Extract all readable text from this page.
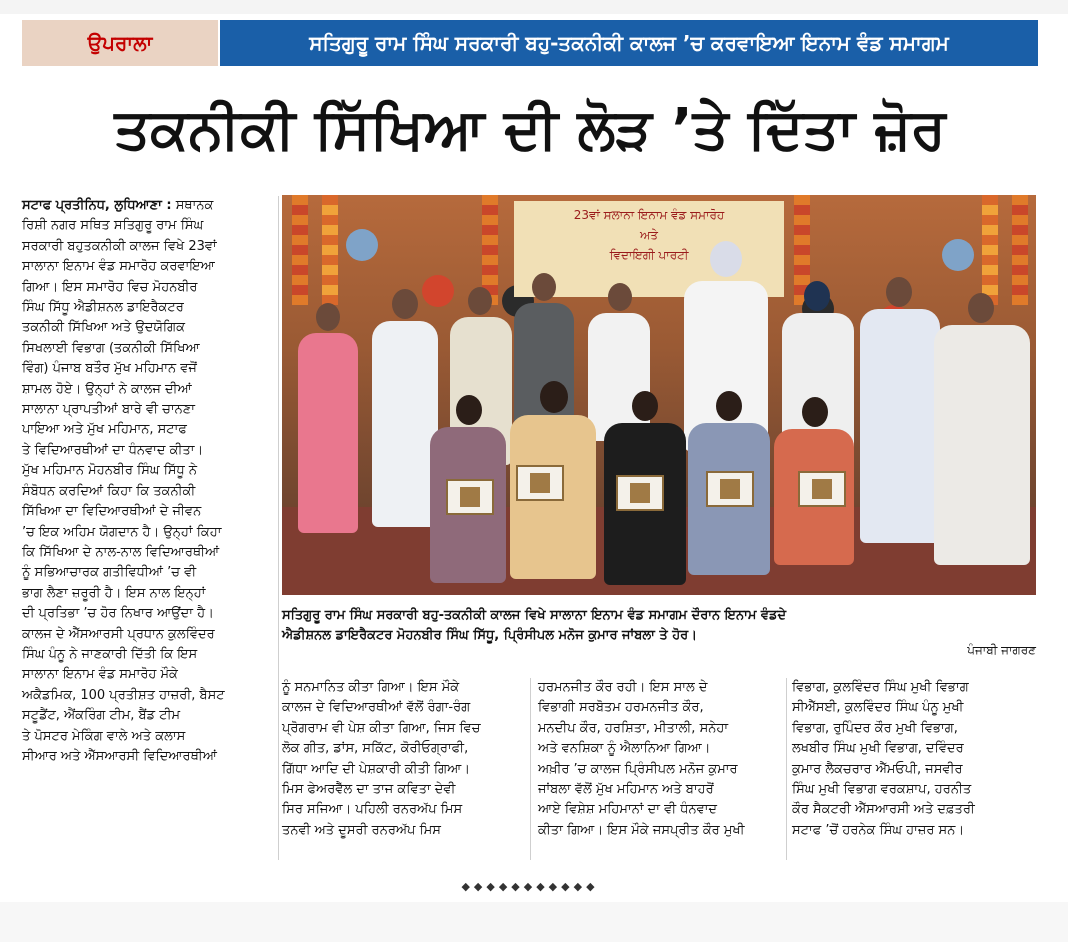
ਉਪਰਾਲਾ	ਸਤਿਗੁਰੂ ਰਾਮ ਸਿੰਘ ਸਰਕਾਰੀ ਬਹੁ-ਤਕਨੀਕੀ ਕਾਲਜ ’ਚ ਕਰਵਾਇਆ ਇਨਾਮ ਵੰਡ ਸਮਾਗਮ
ਤਕਨੀਕੀ ਸਿੱਖਿਆ ਦੀ ਲੋੜ ’ਤੇ ਦਿੱਤਾ ਜ਼ੋਰ
ਸਟਾਫ ਪ੍ਰਤੀਨਿਧ, ਲੁਧਿਆਣਾ : ਸਥਾਨਕ
ਰਿਸ਼ੀ ਨਗਰ ਸਥਿਤ ਸਤਿਗੁਰੂ ਰਾਮ ਸਿੰਘ
ਸਰਕਾਰੀ ਬਹੁਤਕਨੀਕੀ ਕਾਲਜ ਵਿਖੇ 23ਵਾਂ
ਸਾਲਾਨਾ ਇਨਾਮ ਵੰਡ ਸਮਾਰੋਹ ਕਰਵਾਇਆ
ਗਿਆ। ਇਸ ਸਮਾਰੋਹ ਵਿਚ ਮੋਹਨਬੀਰ
ਸਿੰਘ ਸਿੱਧੂ ਐਡੀਸ਼ਨਲ ਡਾਇਰੈਕਟਰ
ਤਕਨੀਕੀ ਸਿੱਖਿਆ ਅਤੇ ਉਦਯੋਗਿਕ
ਸਿਖਲਾਈ ਵਿਭਾਗ (ਤਕਨੀਕੀ ਸਿੱਖਿਆ
ਵਿੰਗ) ਪੰਜਾਬ ਬਤੌਰ ਮੁੱਖ ਮਹਿਮਾਨ ਵਜੋਂ
ਸ਼ਾਮਲ ਹੋਏ। ਉਨ੍ਹਾਂ ਨੇ ਕਾਲਜ ਦੀਆਂ
ਸਾਲਾਨਾ ਪ੍ਰਾਪਤੀਆਂ ਬਾਰੇ ਵੀ ਚਾਨਣਾ
ਪਾਇਆ ਅਤੇ ਮੁੱਖ ਮਹਿਮਾਨ, ਸਟਾਫ
ਤੇ ਵਿਦਿਆਰਥੀਆਂ ਦਾ ਧੰਨਵਾਦ ਕੀਤਾ।
ਮੁੱਖ ਮਹਿਮਾਨ ਮੋਹਨਬੀਰ ਸਿੰਘ ਸਿੱਧੂ ਨੇ
ਸੰਬੋਧਨ ਕਰਦਿਆਂ ਕਿਹਾ ਕਿ ਤਕਨੀਕੀ
ਸਿੱਖਿਆ ਦਾ ਵਿਦਿਆਰਥੀਆਂ ਦੇ ਜੀਵਨ
’ਚ ਇਕ ਅਹਿਮ ਯੋਗਦਾਨ ਹੈ। ਉਨ੍ਹਾਂ ਕਿਹਾ
ਕਿ ਸਿੱਖਿਆ ਦੇ ਨਾਲ-ਨਾਲ ਵਿਦਿਆਰਥੀਆਂ
ਨੂੰ ਸਭਿਆਚਾਰਕ ਗਤੀਵਿਧੀਆਂ ’ਚ ਵੀ
ਭਾਗ ਲੈਣਾ ਜ਼ਰੂਰੀ ਹੈ। ਇਸ ਨਾਲ ਇਨ੍ਹਾਂ
ਦੀ ਪ੍ਰਤਿਭਾ ’ਚ ਹੋਰ ਨਿਖਾਰ ਆਉਂਦਾ ਹੈ।
ਕਾਲਜ ਦੇ ਐੱਸਆਰਸੀ ਪ੍ਰਧਾਨ ਕੁਲਵਿੰਦਰ
ਸਿੰਘ ਪੰਨੂ ਨੇ ਜਾਣਕਾਰੀ ਦਿੱਤੀ ਕਿ ਇਸ
ਸਾਲਾਨਾ ਇਨਾਮ ਵੰਡ ਸਮਾਰੋਹ ਮੌਕੇ
ਅਕੈਡਮਿਕ, 100 ਪ੍ਰਤੀਸ਼ਤ ਹਾਜ਼ਰੀ, ਬੈਸਟ
ਸਟੂਡੈਂਟ, ਐਂਕਰਿੰਗ ਟੀਮ, ਬੈਂਡ ਟੀਮ
ਤੇ ਪੋਸਟਰ ਮੇਕਿੰਗ ਵਾਲੇ ਅਤੇ ਕਲਾਸ
ਸੀਆਰ ਅਤੇ ਐੱਸਆਰਸੀ ਵਿਦਿਆਰਥੀਆਂ
23ਵਾਂ ਸਲਾਨਾ ਇਨਾਮ ਵੰਡ ਸਮਾਰੋਹ
ਅਤੇ
ਵਿਦਾਇਗੀ ਪਾਰਟੀ
ਸਤਿਗੁਰੂ ਰਾਮ ਸਿੰਘ ਸਰਕਾਰੀ ਬਹੁ-ਤਕਨੀਕੀ ਕਾਲਜ ਵਿਖੇ ਸਾਲਾਨਾ ਇਨਾਮ ਵੰਡ ਸਮਾਗਮ ਦੌਰਾਨ ਇਨਾਮ ਵੰਡਦੇ
ਐਡੀਸ਼ਨਲ ਡਾਇਰੈਕਟਰ ਮੋਹਨਬੀਰ ਸਿੰਘ ਸਿੱਧੂ, ਪ੍ਰਿੰਸੀਪਲ ਮਨੋਜ ਕੁਮਾਰ ਜਾਂਬਲਾ ਤੇ ਹੋਰ।
ਪੰਜਾਬੀ ਜਾਗਰਣ
ਨੂੰ ਸਨਮਾਨਿਤ ਕੀਤਾ ਗਿਆ। ਇਸ ਮੌਕੇ
ਕਾਲਜ ਦੇ ਵਿਦਿਆਰਥੀਆਂ ਵੱਲੋਂ ਰੰਗਾ-ਰੰਗ
ਪ੍ਰੋਗਰਾਮ ਵੀ ਪੇਸ਼ ਕੀਤਾ ਗਿਆ, ਜਿਸ ਵਿਚ
ਲੋਕ ਗੀਤ, ਡਾਂਸ, ਸਕਿੱਟ, ਕੋਰੀਓਗ੍ਰਾਫੀ,
ਗਿੱਧਾ ਆਦਿ ਦੀ ਪੇਸ਼ਕਾਰੀ ਕੀਤੀ ਗਿਆ।
ਮਿਸ ਫੇਅਰਵੈੱਲ ਦਾ ਤਾਜ ਕਵਿਤਾ ਦੇਵੀ
ਸਿਰ ਸਜਿਆ। ਪਹਿਲੀ ਰਨਰਅੱਪ ਮਿਸ
ਤਨਵੀ ਅਤੇ ਦੂਸਰੀ ਰਨਰਅੱਪ ਮਿਸ
ਹਰਮਨਜੀਤ ਕੌਰ ਰਹੀ। ਇਸ ਸਾਲ ਦੇ
ਵਿਭਾਗੀ ਸਰਬੋਤਮ ਹਰਮਨਜੀਤ ਕੌਰ,
ਮਨਦੀਪ ਕੌਰ, ਹਰਸ਼ਿਤਾ, ਮੀਤਾਲੀ, ਸਨੇਹਾ
ਅਤੇ ਵਨਸ਼ਿਕਾ ਨੂੰ ਐਲਾਨਿਆ ਗਿਆ।
ਅਖ਼ੀਰ ’ਚ ਕਾਲਜ ਪ੍ਰਿੰਸੀਪਲ ਮਨੋਜ ਕੁਮਾਰ
ਜਾਂਬਲਾ ਵੱਲੋਂ ਮੁੱਖ ਮਹਿਮਾਨ ਅਤੇ ਬਾਹਰੋਂ
ਆਏ ਵਿਸ਼ੇਸ਼ ਮਹਿਮਾਨਾਂ ਦਾ ਵੀ ਧੰਨਵਾਦ
ਕੀਤਾ ਗਿਆ। ਇਸ ਮੌਕੇ ਜਸਪ੍ਰੀਤ ਕੌਰ ਮੁਖੀ
ਵਿਭਾਗ, ਕੁਲਵਿੰਦਰ ਸਿੰਘ ਮੁਖੀ ਵਿਭਾਗ
ਸੀਐੱਸਈ, ਕੁਲਵਿੰਦਰ ਸਿੰਘ ਪੰਨੂ ਮੁਖੀ
ਵਿਭਾਗ, ਰੁਪਿੰਦਰ ਕੌਰ ਮੁਖੀ ਵਿਭਾਗ,
ਲਖਬੀਰ ਸਿੰਘ ਮੁਖੀ ਵਿਭਾਗ, ਦਵਿੰਦਰ
ਕੁਮਾਰ ਲੈਕਚਰਾਰ ਐੱਮਓਪੀ, ਜਸਵੀਰ
ਸਿੰਘ ਮੁਖੀ ਵਿਭਾਗ ਵਰਕਸ਼ਾਪ, ਹਰਨੀਤ
ਕੌਰ ਸੈਕਟਰੀ ਐੱਸਆਰਸੀ ਅਤੇ ਦਫ਼ਤਰੀ
ਸਟਾਫ ’ਚੋਂ ਹਰਨੇਕ ਸਿੰਘ ਹਾਜ਼ਰ ਸਨ।
◆◆◆◆◆◆◆◆◆◆◆
